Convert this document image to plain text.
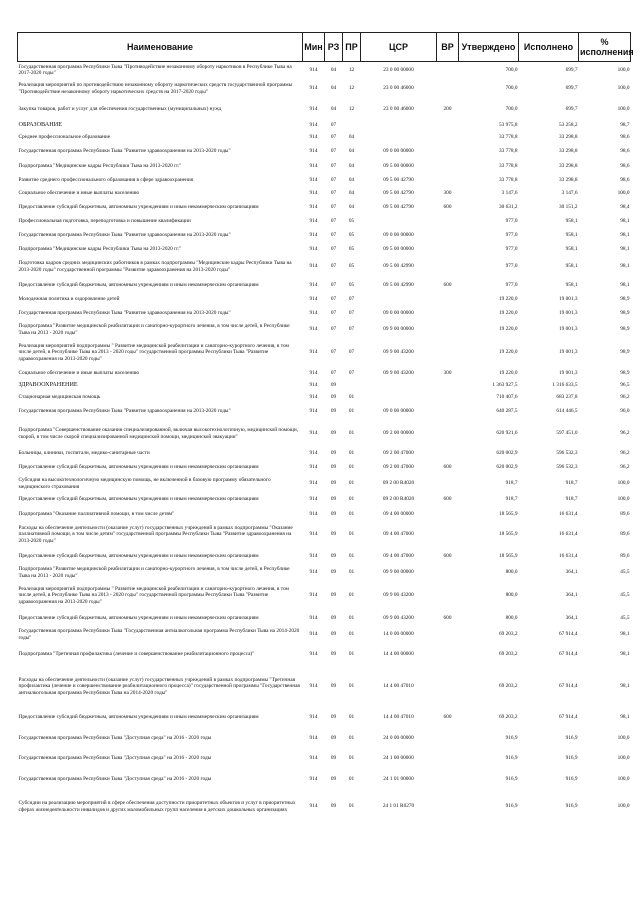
Наименование	Мин	РЗ	ПР	ЦСР	ВР	Утверждено	Исполнено	% исполнения
Государственная программа Республики Тыва "Противодействие незаконному обороту наркотиков в Республике Тыва на 2017-2020 годы"	914	04	12	23 0 00 00000		700,0	699,7	100,0
Реализация мероприятий по противодействию незаконному обороту наркотических средств государственной программы "Противодействие незаконному обороту наркотических средств на 2017-2020 годы"	914	04	12	23 0 00 46000		700,0	699,7	100,0
Закупка товаров, работ и услуг для обеспечения государственных (муниципальных) нужд	914	04	12	23 0 00 46000	200	700,0	699,7	100,0
ОБРАЗОВАНИЕ	914	07				53 975,8	53 258,2	98,7
Среднее профессиональное образование	914	07	04			33 778,8	33 298,8	98,6
Государственная программа Республики Тыва "Развитие здравоохранения на 2013-2020 годы"	914	07	04	09 0 00 00000		33 778,8	33 298,8	98,6
Подпрограмма "Медицинские кадры Республики Тыва на 2013-2020 гг."	914	07	04	09 5 00 00000		33 778,8	33 298,8	98,6
Развитие среднего профессионального образования в сфере здравоохранения	914	07	04	09 5 00 42790		33 778,8	33 298,8	98,6
Социальное обеспечение и иные выплаты населению	914	07	04	09 5 00 42790	300	3 147,6	3 147,6	100,0
Предоставление субсидий бюджетным, автономным учреждениям и иным некоммерческим организациям	914	07	04	09 5 00 42790	600	30 631,2	30 151,2	98,4
Профессиональная подготовка, переподготовка и повышение квалификации	914	07	05			977,0	958,1	98,1
Государственная программа Республики Тыва "Развитие здравоохранения на 2013-2020 годы"	914	07	05	09 0 00 00000		977,0	958,1	98,1
Подпрограмма "Медицинские кадры Республики Тыва на 2013-2020 гг."	914	07	05	09 5 00 00000		977,0	958,1	98,1
Подготовка кадров средних медицинских работников в рамках подпрограммы "Медицинские кадры Республики Тыва на 2013-2020 годы" государственной программы "Развитие здравоохранения на 2013-2020 годы"	914	07	05	09 5 00 42990		977,0	958,1	98,1
Предоставление субсидий бюджетным, автономным учреждениям и иным некоммерческим организациям	914	07	05	09 5 00 42990	600	977,0	958,1	98,1
Молодежная политика и оздоровление детей	914	07	07			19 220,0	19 001,3	98,9
Государственная программа Республики Тыва "Развитие здравоохранения на 2013-2020 годы"	914	07	07	09 0 00 00000		19 220,0	19 001,3	98,9
Подпрограмма "Развитие медицинской реабилитации и санаторно-курортного лечения, в том числе детей, в Республике Тыва на 2013 - 2020 годы"	914	07	07	09 9 00 00000		19 220,0	19 001,3	98,9
Реализация мероприятий подпрограммы " Развитие медицинской реабилитации и санаторно-курортного лечения, в том числе детей, в Республике Тыва на 2013 - 2020 годы" государственной программы Республики Тыва "Развитие здравоохранения на 2013-2020 годы"	914	07	07	09 9 00 43200		19 220,0	19 001,3	98,9
Социальное обеспечение и иные выплаты населению	914	07	07	09 9 00 43200	300	19 220,0	19 001,3	98,9
ЗДРАВООХРАНЕНИЕ	914	09				1 363 927,5	1 316 633,5	96,5
Стационарная медицинская помощь	914	09	01			710 407,6	683 237,8	96,2
Государственная программа Республики Тыва "Развитие здравоохранения на 2013-2020 годы"	914	09	01	09 0 00 00000		640 287,5	614 446,5	96,0
Подпрограмма "Совершенствование оказания специализированной, включая высокотехнологичную, медицинской помощи, скорой, в том числе скорой специализированной медицинской помощи, медицинской эвакуации"	914	09	01	09 2 00 00000		620 921,6	597 451,0	96,2
Больницы, клиники, госпитали, медико-санитарные части	914	09	01	09 2 00 47000		620 002,9	596 532,3	96,2
Предоставление субсидий бюджетным, автономным учреждениям и иным некоммерческим организациям	914	09	01	09 2 00 47000	600	620 002,9	596 532,3	96,2
Субсидия на высокотехнологичную медицинскую помощь, не включенной в базовую программу обязательного медицинского страхования	914	09	01	09 2 00 R4020		918,7	918,7	100,0
Предоставление субсидий бюджетным, автономным учреждениям и иным некоммерческим организациям	914	09	01	09 2 00 R4020	600	918,7	918,7	100,0
Подпрограмма "Оказание паллиативной помощи, в том числе детям"	914	09	01	09 4 00 00000		18 565,9	16 631,4	89,6
Расходы на обеспечение деятельности (оказание услуг) государственных учреждений в рамках подпрограммы "Оказание паллиативной помощи, в том числе детям" государственной программы Республики Тыва "Развитие здравоохранения на 2013-2020 годы"	914	09	01	09 4 00 47000		18 565,9	16 631,4	89,6
Предоставление субсидий бюджетным, автономным учреждениям и иным некоммерческим организациям	914	09	01	09 4 00 47000	600	18 565,9	16 631,4	89,6
Подпрограмма "Развитие медицинской реабилитации и санаторно-курортного лечения, в том числе детей, в Республике Тыва на 2013 - 2020 годы"	914	09	01	09 9 00 00000		800,0	364,1	45,5
Реализация мероприятий подпрограммы " Развитие медицинской реабилитации и санаторно-курортного лечения, в том числе детей, в Республике Тыва на 2013 - 2020 годы" государственной программы Республики Тыва "Развитие здравоохранения на 2013-2020 годы"	914	09	01	09 9 00 43200		800,0	364,1	45,5
Предоставление субсидий бюджетным, автономным учреждениям и иным некоммерческим организациям	914	09	01	09 9 00 43200	600	800,0	364,1	45,5
Государственная программа Республики Тыва "Государственная антиалкогольная программа Республики Тыва на 2014-2020 годы"	914	09	01	14 0 00 00000		69 203,2	67 914,4	98,1
Подпрограмма "Третичная профилактика (лечение и совершенствование реабилитационного процесса)"	914	09	01	14 4 00 00000		69 203,2	67 914,4	98,1
Расходы на обеспечение деятельности (оказание услуг) государственных учреждений в рамках подпрограммы "Третичная профилактика (лечение и совершенствование реабилитационного процесса)" государственной программы "Государственная антиалкогольная программа Республики Тыва на 2014-2020 годы"	914	09	01	14 4 00 47010		69 203,2	67 914,4	98,1
Предоставление субсидий бюджетным, автономным учреждениям и иным некоммерческим организациям	914	09	01	14 4 00 47010	600	69 203,2	67 914,4	98,1
Государственная программа Республики Тыва "Доступная среда" на 2016 - 2020 годы	914	09	01	24 0 00 00000		916,9	916,9	100,0
Государственная программа Республики Тыва "Доступная среда" на 2016 - 2020 годы	914	09	01	24 1 00 00000		916,9	916,9	100,0
Государственная программа Республики Тыва "Доступная среда" на 2016 - 2020 годы	914	09	01	24 1 01 00000		916,9	916,9	100,0
Субсидии на реализацию мероприятий в сфере обеспечения доступности приоритетных объектов и услуг в приоритетных сферах жизнедеятельности инвалидов и других маломобильных групп населения в детских дошкольных организациях	914	09	01	24 1 01 R0270		916,9	916,9	100,0
